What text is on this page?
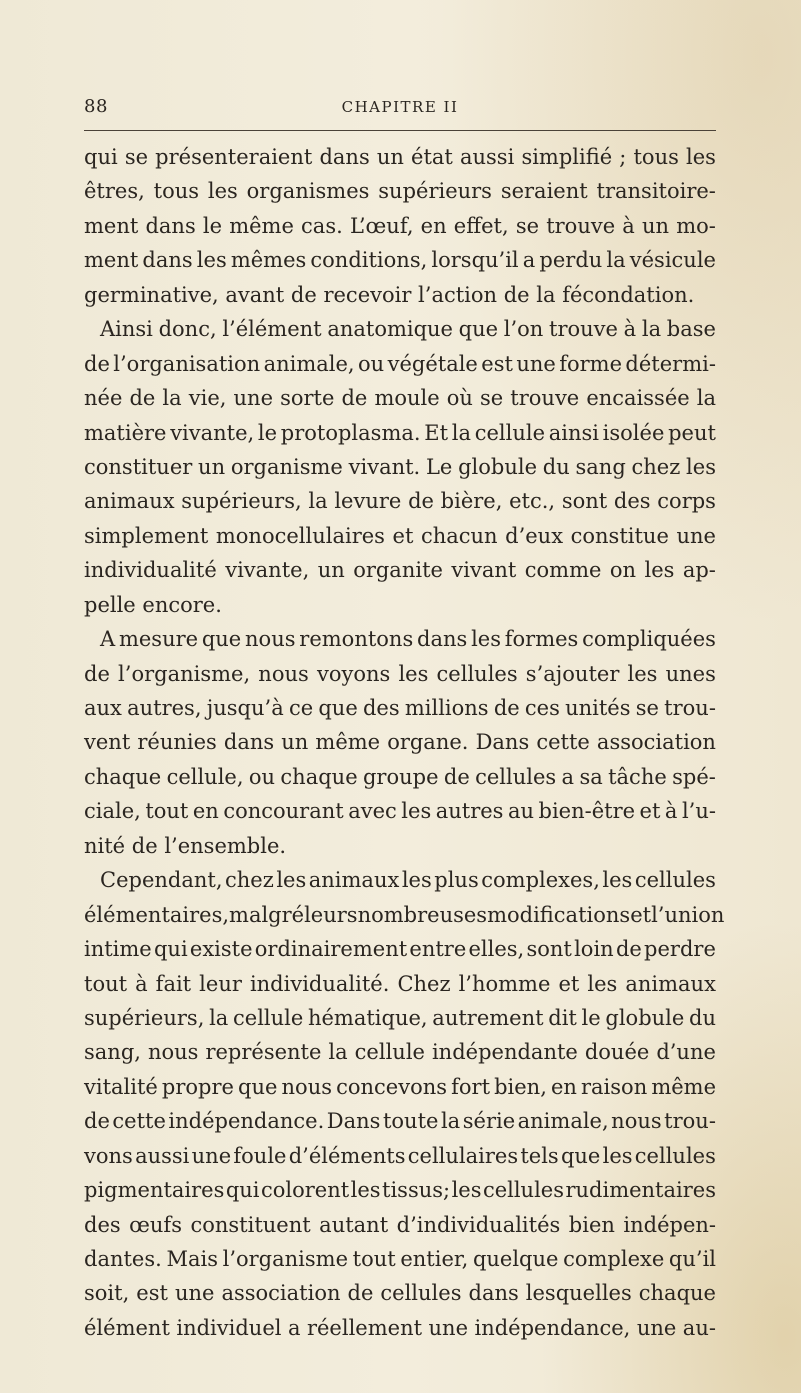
88	CHAPITRE II
qui se présenteraient dans un état aussi simplifié ; tous les
êtres, tous les organismes supérieurs seraient transitoire-
ment dans le même cas. L’œuf, en effet, se trouve à un mo-
ment dans les mêmes conditions, lorsqu’il a perdu la vésicule
germinative, avant de recevoir l’action de la fécondation.
Ainsi donc, l’élément anatomique que l’on trouve à la base
de l’organisation animale, ou végétale est une forme détermi-
née de la vie, une sorte de moule où se trouve encaissée la
matière vivante, le protoplasma. Et la cellule ainsi isolée peut
constituer un organisme vivant. Le globule du sang chez les
animaux supérieurs, la levure de bière, etc., sont des corps
simplement monocellulaires et chacun d’eux constitue une
individualité vivante, un organite vivant comme on les ap-
pelle encore.
A mesure que nous remontons dans les formes compliquées
de l’organisme, nous voyons les cellules s’ajouter les unes
aux autres, jusqu’à ce que des millions de ces unités se trou-
vent réunies dans un même organe. Dans cette association
chaque cellule, ou chaque groupe de cellules a sa tâche spé-
ciale, tout en concourant avec les autres au bien-être et à l’u-
nité de l’ensemble.
Cependant, chez les animaux les plus complexes, les cellules
élémentaires, malgré leurs nombreuses modifications et l’union
intime qui existe ordinairement entre elles, sont loin de perdre
tout à fait leur individualité. Chez l’homme et les animaux
supérieurs, la cellule hématique, autrement dit le globule du
sang, nous représente la cellule indépendante douée d’une
vitalité propre que nous concevons fort bien, en raison même
de cette indépendance. Dans toute la série animale, nous trou-
vons aussi une foule d’éléments cellulaires tels que les cellules
pigmentaires qui colorent les tissus; les cellules rudimentaires
des œufs constituent autant d’individualités bien indépen-
dantes. Mais l’organisme tout entier, quelque complexe qu’il
soit, est une association de cellules dans lesquelles chaque
élément individuel a réellement une indépendance, une au-
